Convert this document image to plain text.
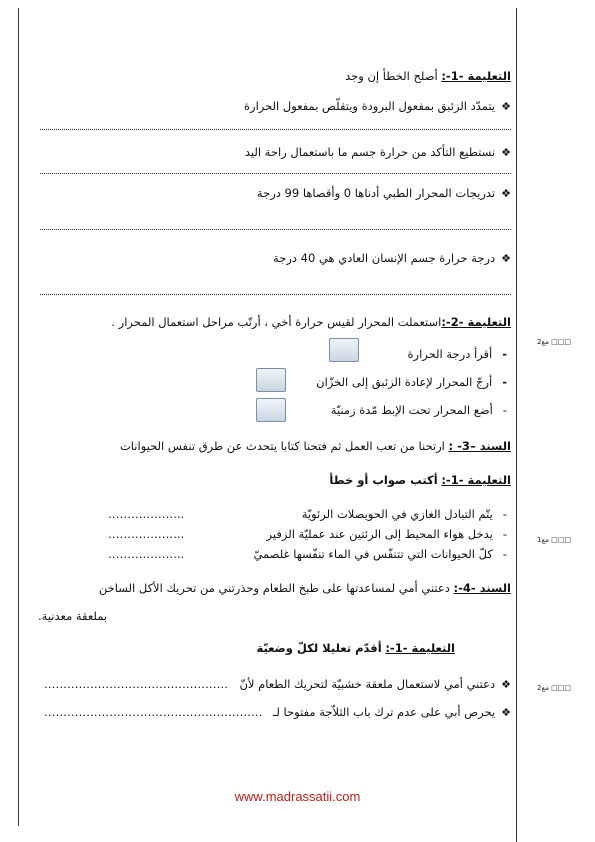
التعليمة -1-: أصلح الخطأ إن وجد
❖يتمدّد الزئبق بمفعول البرودة ويتقلّص بمفعول الحرارة
❖نستطيع التأكد من حرارة جسم ما باستعمال راحة اليد
❖تدريجات المحرار الطبي أدناها 0 وأقصاها 99 درجة
❖درجة حرارة جسم الإنسان العادي هي 40 درجة
التعليمة -2-:استعملت المحرار لقيس حرارة أخي ، أرتّب مراحل استعمال المحرار .
-أقرأ درجة الحرارة
-أرجّ المحرار لإعادة الزئبق إلى الخزّان
-أضع المحرار تحت الإبط مّدة زمنيّة
السند –3- : ارتحنا من تعب العمل ثم فتحنا كتابا يتحدث عن طرق تنفس الحيوانات
التعليمة -1-: أكتب صواب أو خطأ
-يتّم التبادل الغازي في الحويصلات الرئويّة
………………..
-يدخل هواء المحيط إلى الرئتين عند عمليّة الزفير
………………..
-كلّ الحيوانات التي تتنفّس في الماء تنفّسها غلصميّ
………………..
السند -4-: دعتني أمي لمساعدتها على طبخ الطعام وحذرتني من تحريك الأكل الساخن
بملعقة معدنية.
التعليمة -1-: أقدّم تعليلا لكلّ وضعيّة
❖دعتني أمي لاستعمال ملعقة خشبيّة لتحريك الطعام لأنّ
…………………………………………
❖يحرص أبي على عدم ترك باب الثلاّجة مفتوحا لـ
…………………………………………………
مع2 □□□
مع1 □□□
مع2 □□□
www.madrassatii.com
